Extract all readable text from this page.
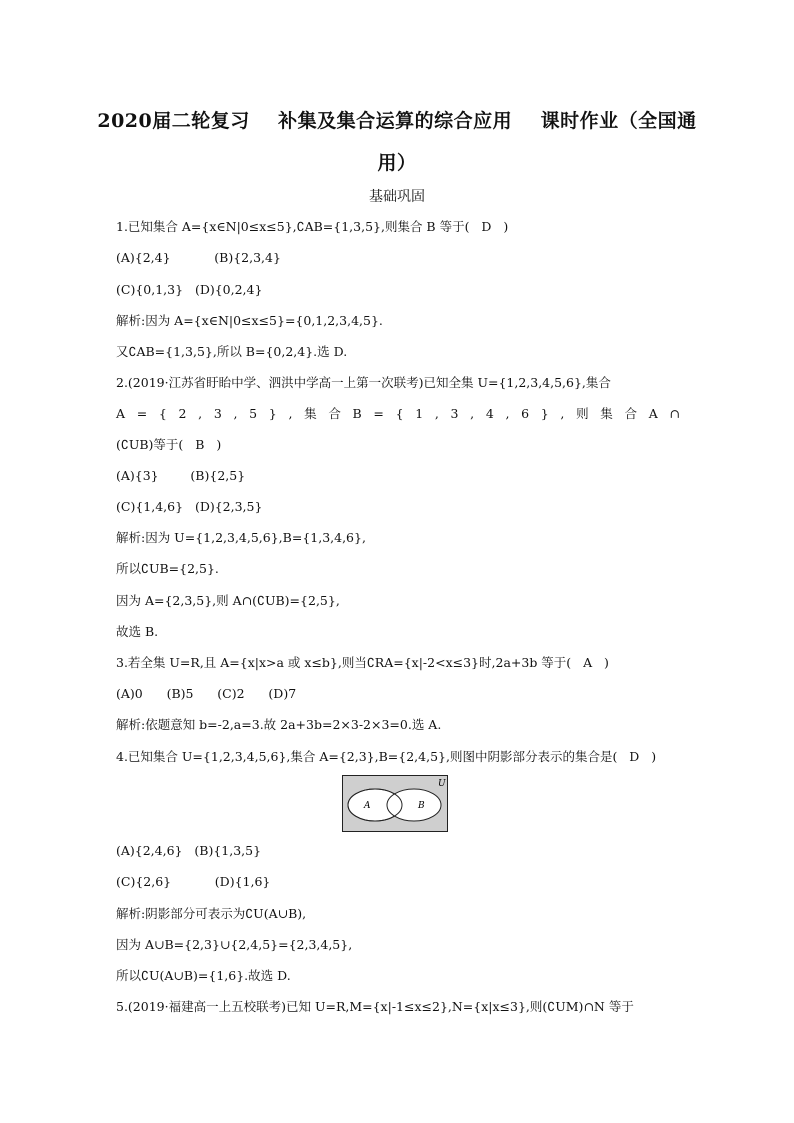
2020届二轮复习    补集及集合运算的综合应用    课时作业（全国通
用）
基础巩固
1.已知集合 A={x∈N|0≤x≤5},∁AB={1,3,5},则集合 B 等于(   D   )
(A){2,4}           (B){2,3,4}
(C){0,1,3}   (D){0,2,4}
解析:因为 A={x∈N|0≤x≤5}={0,1,2,3,4,5}.
又∁AB={1,3,5},所以 B={0,2,4}.选 D.
2.(2019·江苏省盱眙中学、泗洪中学高一上第一次联考)已知全集 U={1,2,3,4,5,6},集合
A = { 2 , 3 , 5 } , 集 合 B = { 1 , 3 , 4 , 6 } , 则 集 合 A ∩
(∁UB)等于(   B   )
(A){3}        (B){2,5}
(C){1,4,6}   (D){2,3,5}
解析:因为 U={1,2,3,4,5,6},B={1,3,4,6},
所以∁UB={2,5}.
因为 A={2,3,5},则 A∩(∁UB)={2,5},
故选 B.
3.若全集 U=R,且 A={x|x>a 或 x≤b},则当∁RA={x|-2<x≤3}时,2a+3b 等于(   A   )
(A)0      (B)5      (C)2      (D)7
解析:依题意知 b=-2,a=3.故 2a+3b=2×3-2×3=0.选 A.
4.已知集合 U={1,2,3,4,5,6},集合 A={2,3},B={2,4,5},则图中阴影部分表示的集合是(   D   )
U
A	B
(A){2,4,6}   (B){1,3,5}
(C){2,6}           (D){1,6}
解析:阴影部分可表示为∁U(A∪B),
因为 A∪B={2,3}∪{2,4,5}={2,3,4,5},
所以∁U(A∪B)={1,6}.故选 D.
5.(2019·福建高一上五校联考)已知 U=R,M={x|-1≤x≤2},N={x|x≤3},则(∁UM)∩N 等于
